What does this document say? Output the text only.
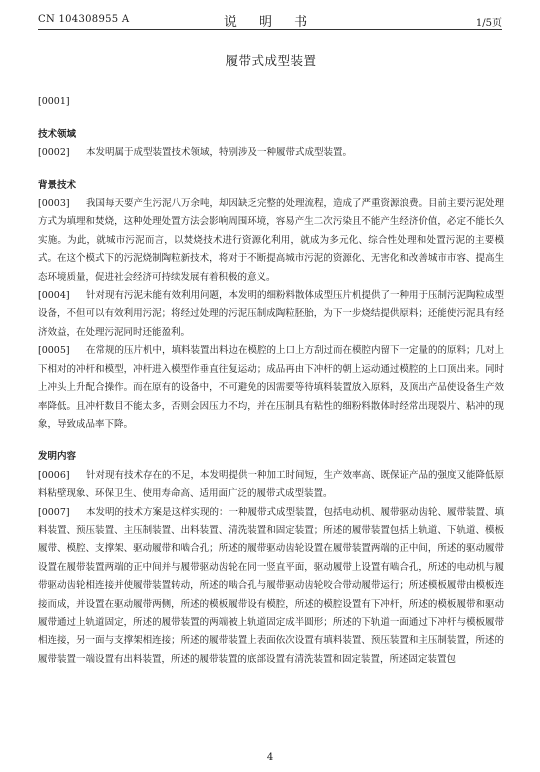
CN 104308955 A	说 明 书	1/5页
履带式成型装置

[0001]

技术领域

[0002] 本发明属于成型装置技术领域，特别涉及一种履带式成型装置。

背景技术

[0003] 我国每天要产生污泥八万余吨，却因缺乏完整的处理流程，造成了严重资源浪费。目前主要污泥处理方式为填埋和焚烧，这种处理处置方法会影响周围环境，容易产生二次污染且不能产生经济价值，必定不能长久实施。为此，就城市污泥而言，以焚烧技术进行资源化利用，就成为多元化、综合性处理和处置污泥的主要模式。在这个模式下的污泥烧制陶粒新技术，将对于不断提高城市污泥的资源化、无害化和改善城市市容、提高生态环境质量，促进社会经济可持续发展有着积极的意义。

[0004] 针对现有污泥未能有效利用问题，本发明的细粉料散体成型压片机提供了一种用于压制污泥陶粒成型设备，不但可以有效利用污泥；将经过处理的污泥压制成陶粒胚胎，为下一步烧结提供原料；还能使污泥具有经济效益，在处理污泥同时还能盈利。

[0005] 在常规的压片机中，填料装置出料边在模腔的上口上方刮过而在模腔内留下一定量的的原料；几对上下相对的冲杆和模型，冲杆进入模型作垂直往复运动；成品再由下冲杆的朝上运动通过模腔的上口顶出来。同时上冲头上升配合操作。而在原有的设备中，不可避免的因需要等待填料装置放入原料，及顶出产品使设备生产效率降低。且冲杆数目不能太多，否则会因压力不均，并在压制具有粘性的细粉料散体时经常出现裂片、粘冲的现象，导致成品率下降。

发明内容

[0006] 针对现有技术存在的不足，本发明提供一种加工时间短，生产效率高、既保证产品的强度又能降低原料粘壁现象、环保卫生、使用寿命高、适用面广泛的履带式成型装置。

[0007] 本发明的技术方案是这样实现的：一种履带式成型装置，包括电动机、履带驱动齿轮、履带装置、填料装置、预压装置、主压制装置、出料装置、清洗装置和固定装置；所述的履带装置包括上轨道、下轨道、模板履带、模腔、支撑架、驱动履带和啮合孔；所述的履带驱动齿轮设置在履带装置两端的正中间，所述的驱动履带设置在履带装置两端的正中间并与履带驱动齿轮在同一竖直平面，驱动履带上设置有啮合孔，所述的电动机与履带驱动齿轮相连接并使履带装置转动，所述的啮合孔与履带驱动齿轮咬合带动履带运行；所述模板履带由模板连接而成，并设置在驱动履带两侧，所述的模板履带设有模腔，所述的模腔设置有下冲杆，所述的模板履带和驱动履带通过上轨道固定，所述的履带装置的两端被上轨道固定成半圆形；所述的下轨道一面通过下冲杆与模板履带相连接，另一面与支撑架相连接；所述的履带装置上表面依次设置有填料装置、预压装置和主压制装置，所述的履带装置一端设置有出料装置，所述的履带装置的底部设置有清洗装置和固定装置，所述固定装置包

4
